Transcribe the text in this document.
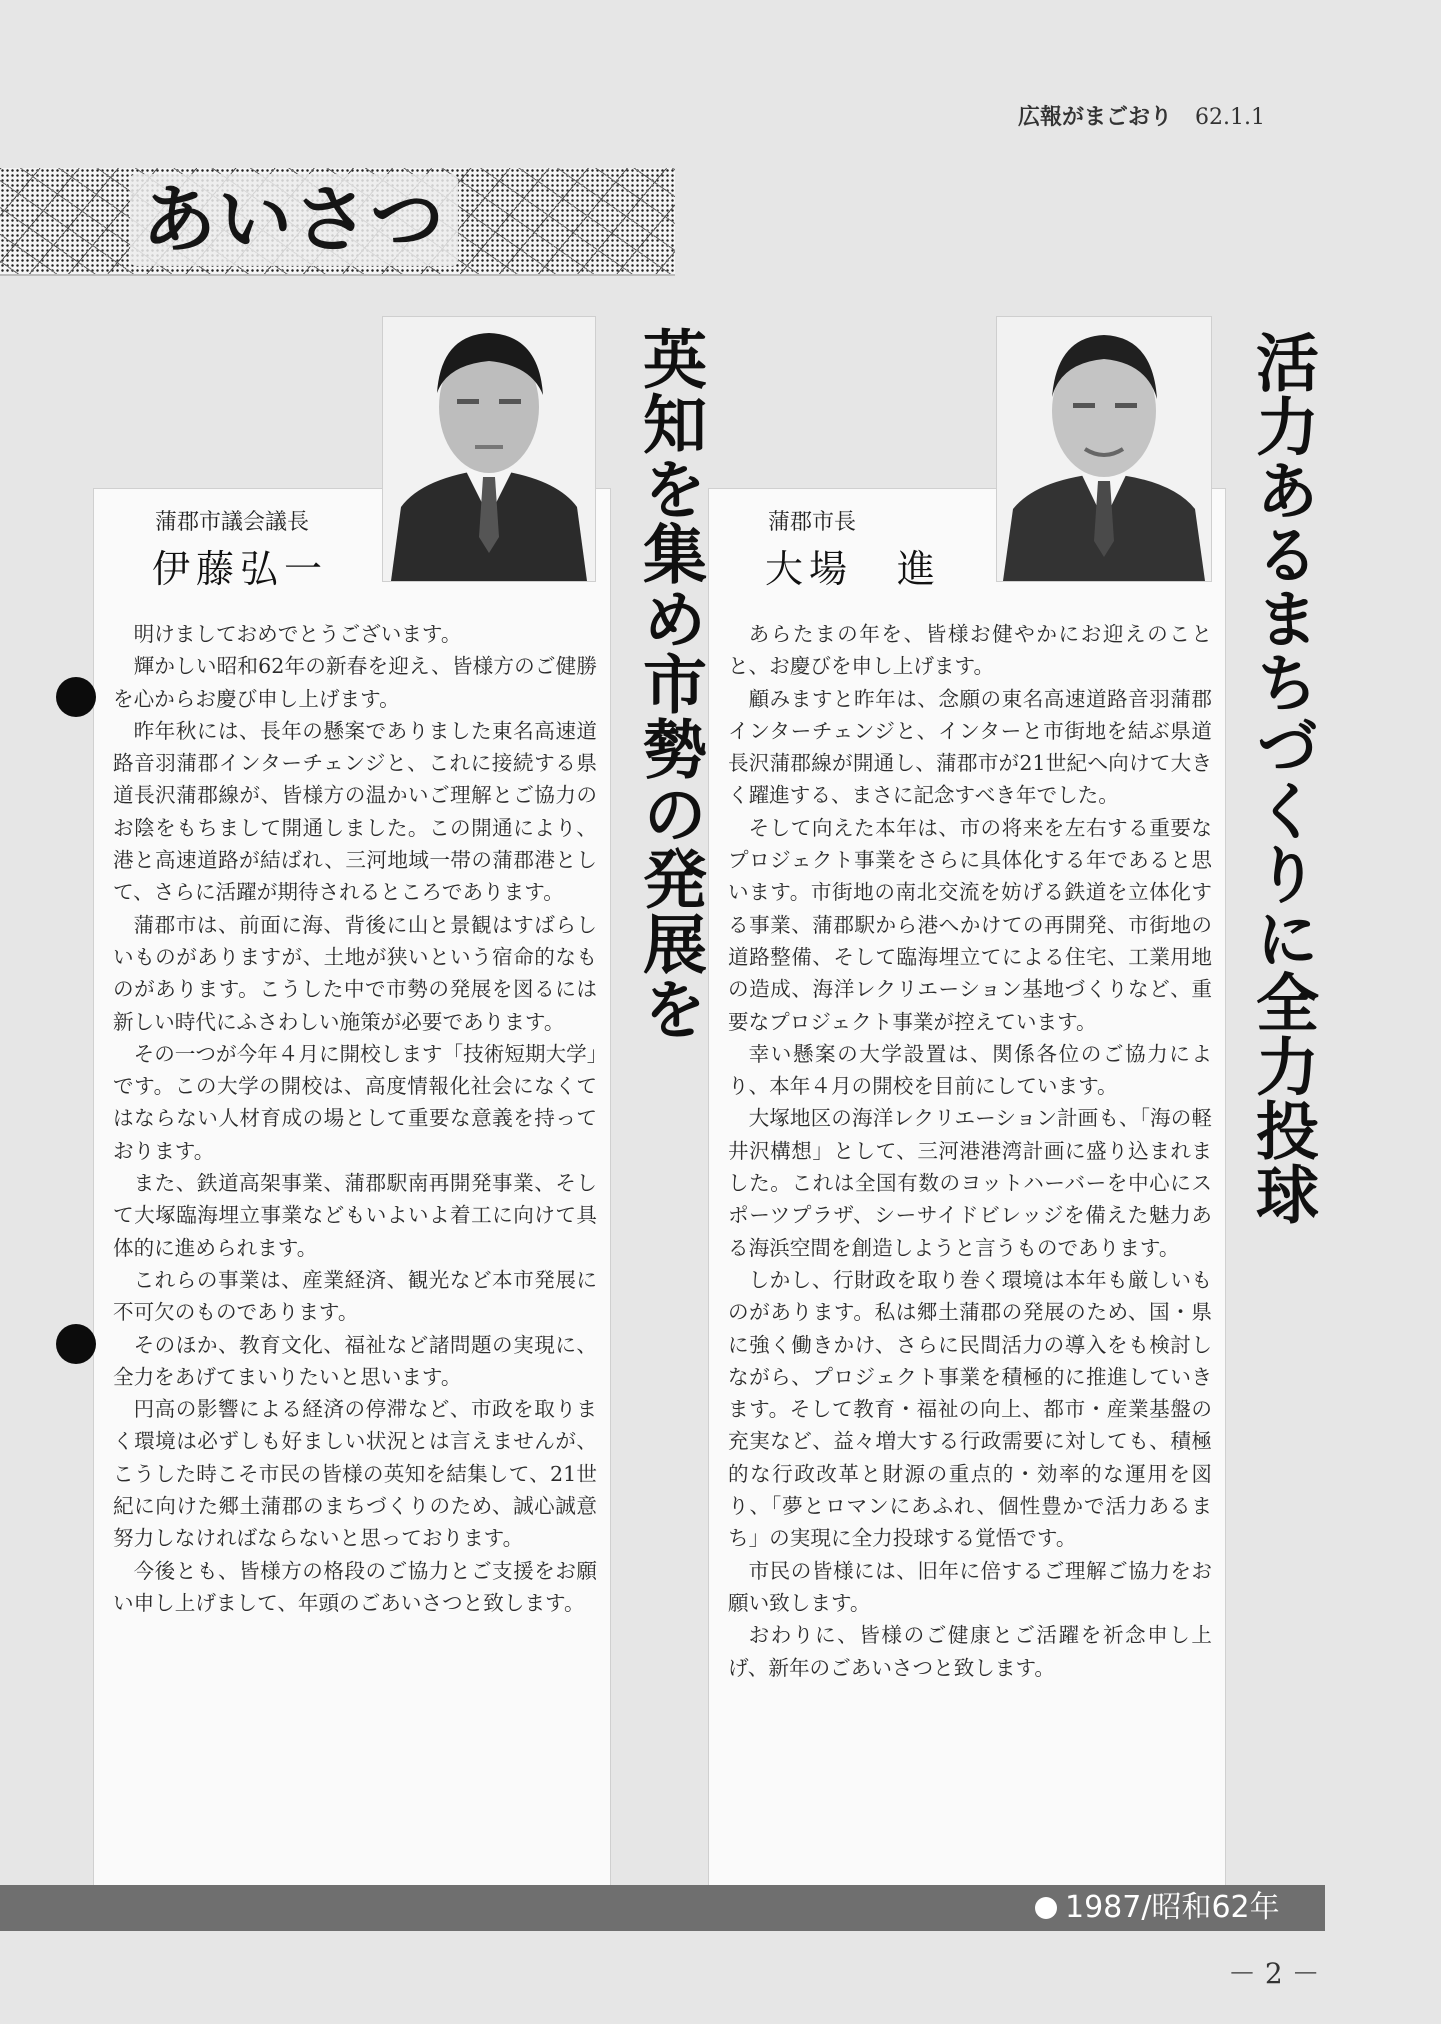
広報がまごおり 62.1.1
あいさつ
蒲郡市議会議長
伊藤弘一
蒲郡市長
大場　進

明けましておめでとうございます。

輝かしい昭和62年の新春を迎え、皆様方のご健勝を心からお慶び申し上げます。

昨年秋には、長年の懸案でありました東名高速道路音羽蒲郡インターチェンジと、これに接続する県道長沢蒲郡線が、皆様方の温かいご理解とご協力のお陰をもちまして開通しました。この開通により、港と高速道路が結ばれ、三河地域一帯の蒲郡港として、さらに活躍が期待されるところであります。

蒲郡市は、前面に海、背後に山と景観はすばらしいものがありますが、土地が狭いという宿命的なものがあります。こうした中で市勢の発展を図るには新しい時代にふさわしい施策が必要であります。

その一つが今年４月に開校します「技術短期大学」です。この大学の開校は、高度情報化社会になくてはならない人材育成の場として重要な意義を持っております。

また、鉄道高架事業、蒲郡駅南再開発事業、そして大塚臨海埋立事業などもいよいよ着工に向けて具体的に進められます。

これらの事業は、産業経済、観光など本市発展に不可欠のものであります。

そのほか、教育文化、福祉など諸問題の実現に、全力をあげてまいりたいと思います。

円高の影響による経済の停滞など、市政を取りまく環境は必ずしも好ましい状況とは言えませんが、こうした時こそ市民の皆様の英知を結集して、21世紀に向けた郷土蒲郡のまちづくりのため、誠心誠意努力しなければならないと思っております。

今後とも、皆様方の格段のご協力とご支援をお願い申し上げまして、年頭のごあいさつと致します。

あらたまの年を、皆様お健やかにお迎えのことと、お慶びを申し上げます。

顧みますと昨年は、念願の東名高速道路音羽蒲郡インターチェンジと、インターと市街地を結ぶ県道長沢蒲郡線が開通し、蒲郡市が21世紀へ向けて大きく躍進する、まさに記念すべき年でした。

そして向えた本年は、市の将来を左右する重要なプロジェクト事業をさらに具体化する年であると思います。市街地の南北交流を妨げる鉄道を立体化する事業、蒲郡駅から港へかけての再開発、市街地の道路整備、そして臨海埋立てによる住宅、工業用地の造成、海洋レクリエーション基地づくりなど、重要なプロジェクト事業が控えています。

幸い懸案の大学設置は、関係各位のご協力により、本年４月の開校を目前にしています。

大塚地区の海洋レクリエーション計画も、「海の軽井沢構想」として、三河港港湾計画に盛り込まれました。これは全国有数のヨットハーバーを中心にスポーツプラザ、シーサイドビレッジを備えた魅力ある海浜空間を創造しようと言うものであります。

しかし、行財政を取り巻く環境は本年も厳しいものがあります。私は郷土蒲郡の発展のため、国・県に強く働きかけ、さらに民間活力の導入をも検討しながら、プロジェクト事業を積極的に推進していきます。そして教育・福祉の向上、都市・産業基盤の充実など、益々増大する行政需要に対しても、積極的な行政改革と財源の重点的・効率的な運用を図り、「夢とロマンにあふれ、個性豊かで活力あるまち」の実現に全力投球する覚悟です。

市民の皆様には、旧年に倍するご理解ご協力をお願い致します。

おわりに、皆様のご健康とご活躍を祈念申し上げ、新年のごあいさつと致します。

英知を集め市勢の発展を	活力あるまちづくりに全力投球
1987/昭和62年
－ 2 －
